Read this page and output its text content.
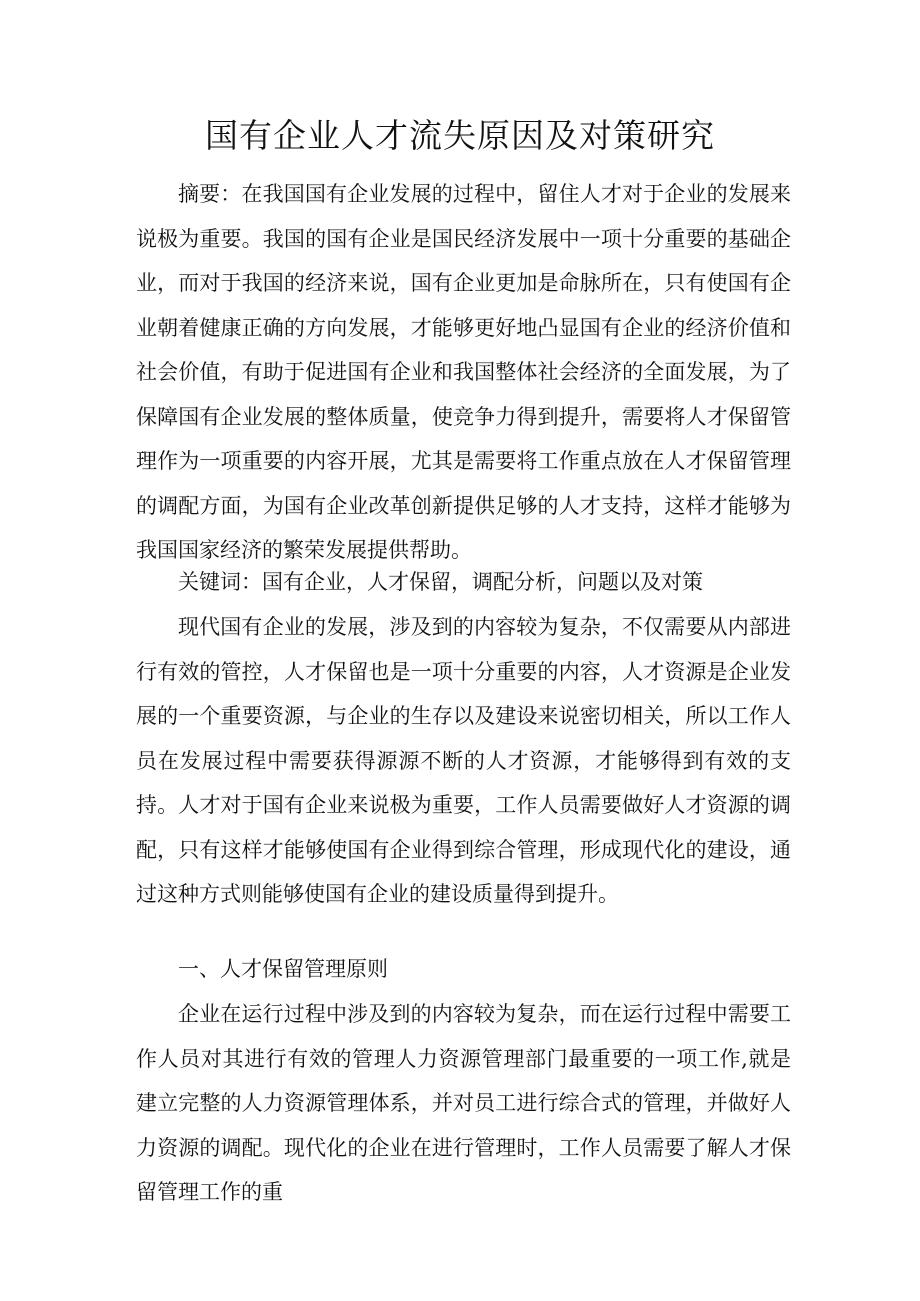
国有企业人才流失原因及对策研究

摘要：在我国国有企业发展的过程中，留住人才对于企业的发展来说极为重要。我国的国有企业是国民经济发展中一项十分重要的基础企业，而对于我国的经济来说，国有企业更加是命脉所在，只有使国有企业朝着健康正确的方向发展，才能够更好地凸显国有企业的经济价值和社会价值，有助于促进国有企业和我国整体社会经济的全面发展，为了保障国有企业发展的整体质量，使竞争力得到提升，需要将人才保留管理作为一项重要的内容开展，尤其是需要将工作重点放在人才保留管理的调配方面，为国有企业改革创新提供足够的人才支持，这样才能够为我国国家经济的繁荣发展提供帮助。

关键词：国有企业，人才保留，调配分析，问题以及对策

现代国有企业的发展，涉及到的内容较为复杂，不仅需要从内部进行有效的管控，人才保留也是一项十分重要的内容，人才资源是企业发展的一个重要资源，与企业的生存以及建设来说密切相关，所以工作人员在发展过程中需要获得源源不断的人才资源，才能够得到有效的支持。人才对于国有企业来说极为重要，工作人员需要做好人才资源的调配，只有这样才能够使国有企业得到综合管理，形成现代化的建设，通过这种方式则能够使国有企业的建设质量得到提升。

一、人才保留管理原则

企业在运行过程中涉及到的内容较为复杂，而在运行过程中需要工作人员对其进行有效的管理人力资源管理部门最重要的一项工作,就是建立完整的人力资源管理体系，并对员工进行综合式的管理，并做好人力资源的调配。现代化的企业在进行管理时，工作人员需要了解人才保留管理工作的重
